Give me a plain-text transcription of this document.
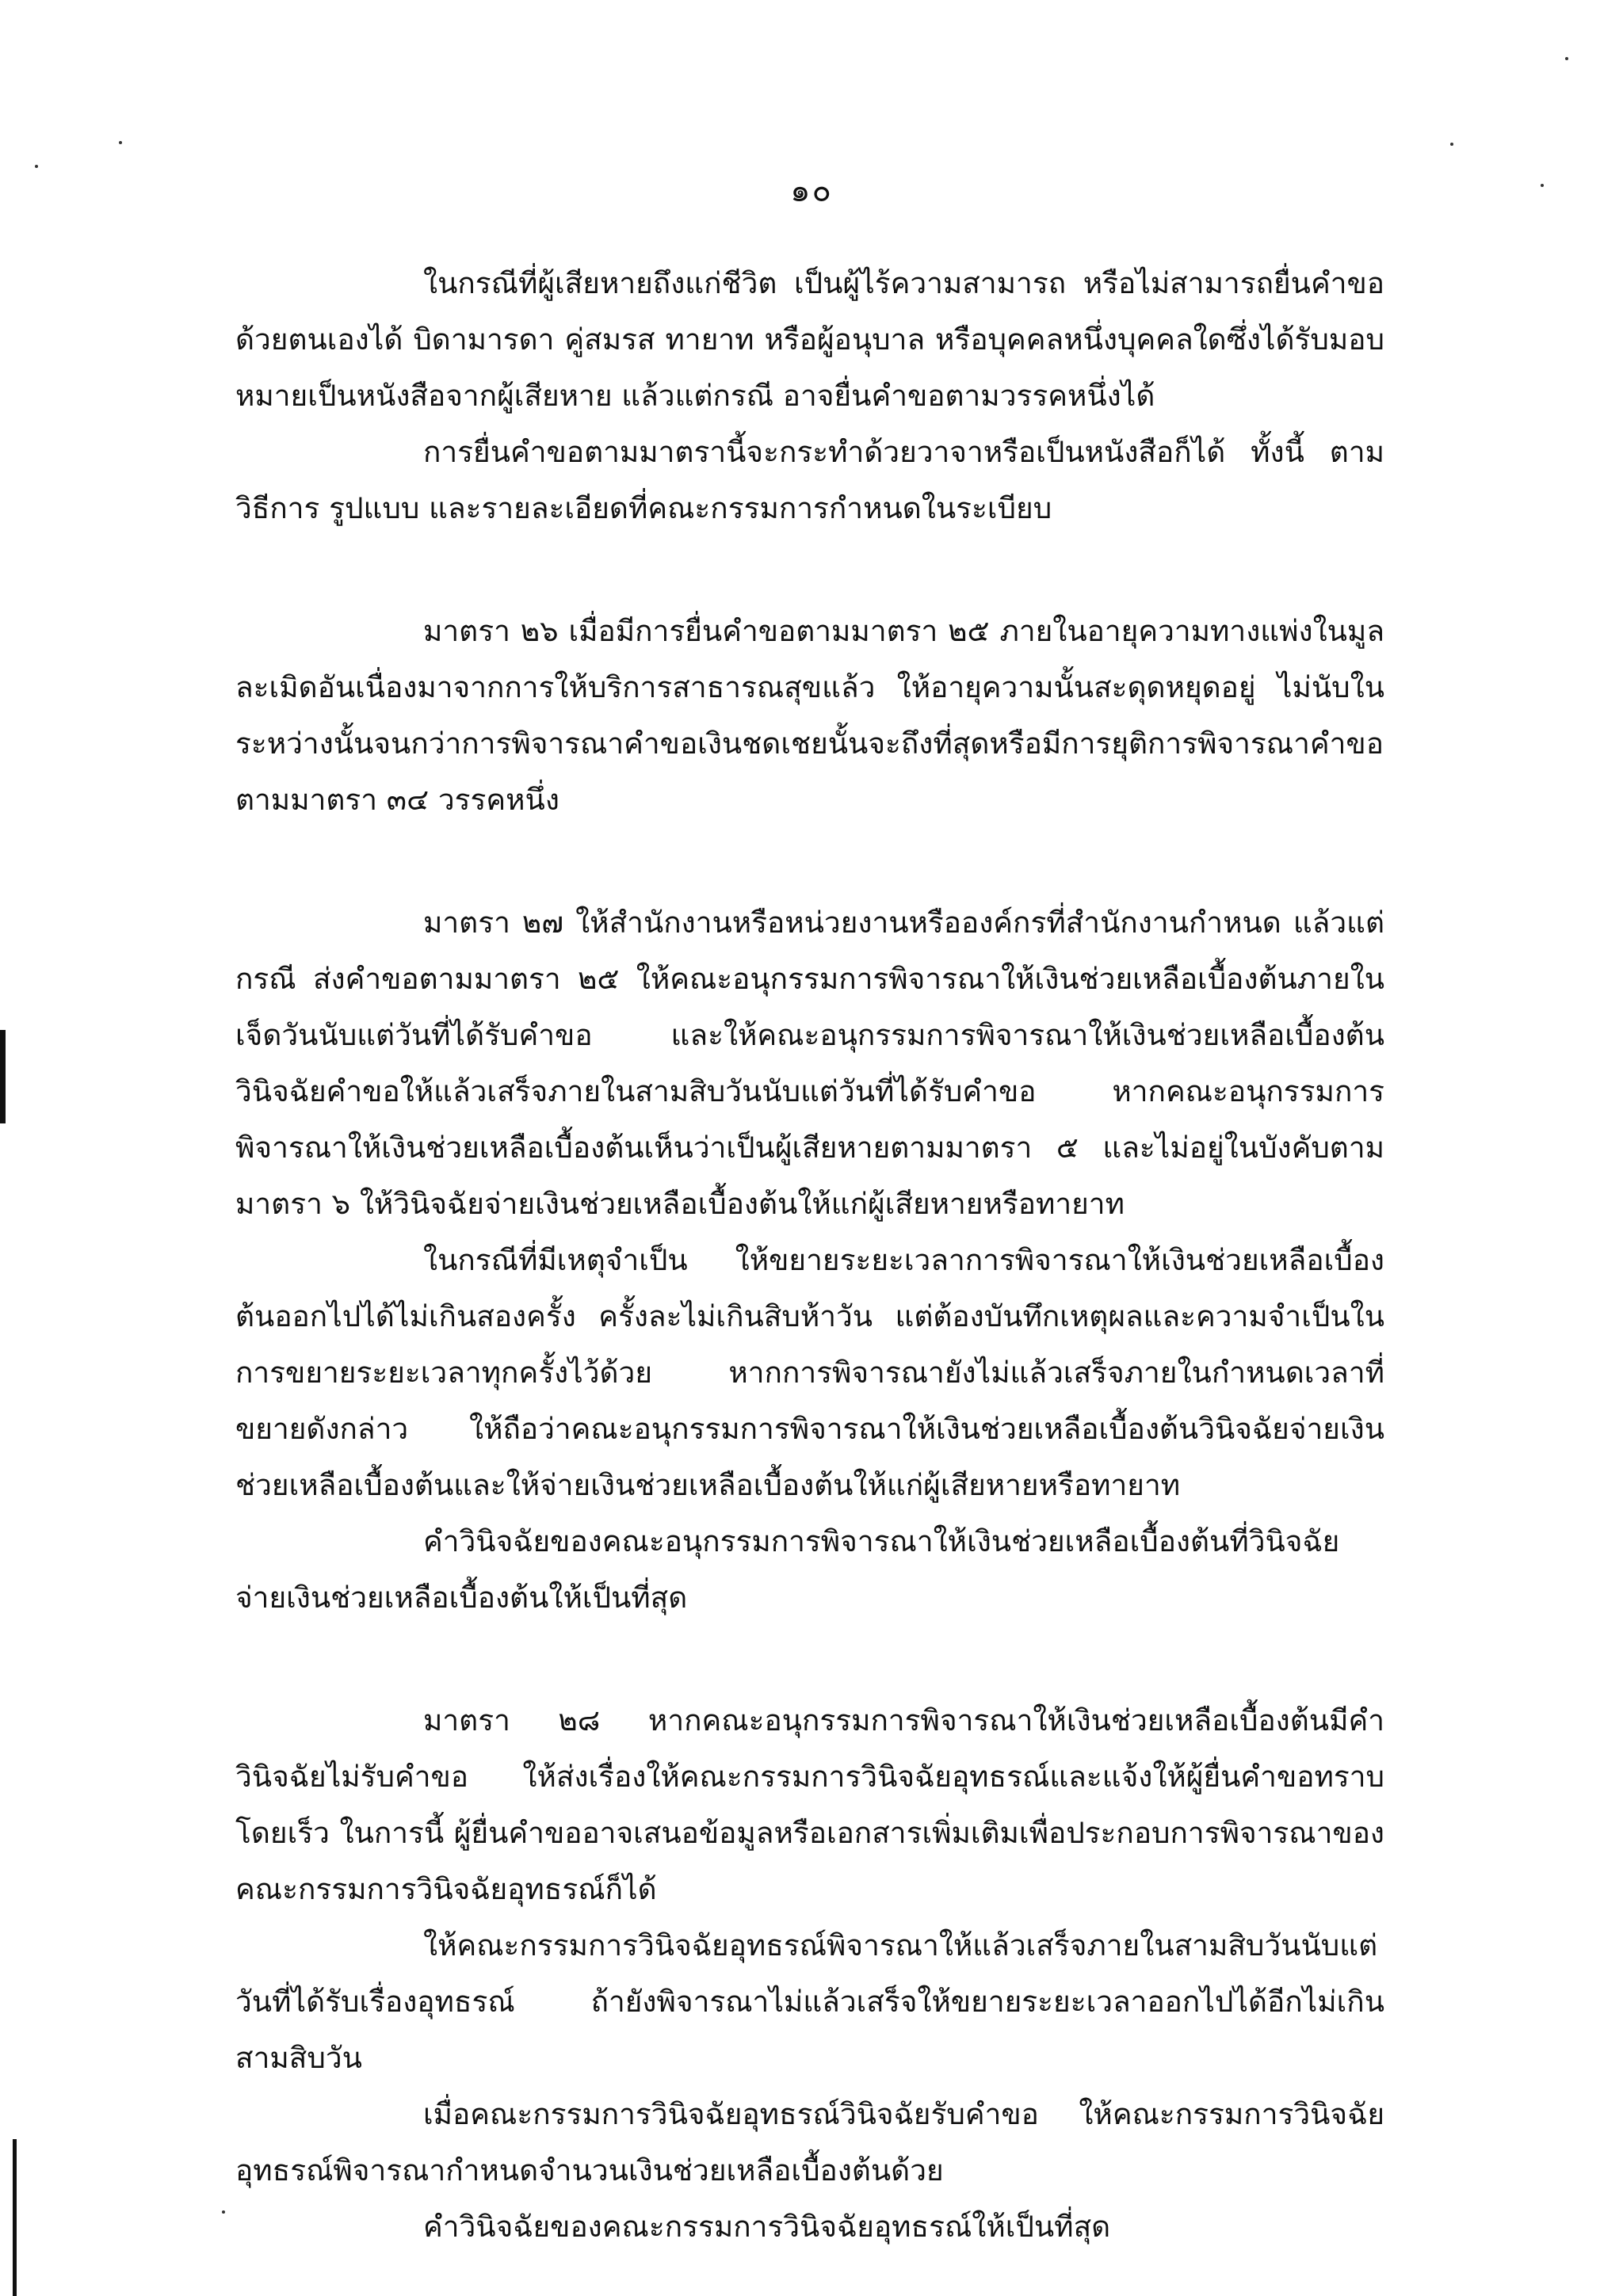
๑๐

ในกรณีที่ผู้เสียหายถึงแก่ชีวิต เป็นผู้ไร้ความสามารถ หรือไม่สามารถยื่นคำขอด้วยตนเองได้ บิดามารดา คู่สมรส ทายาท หรือผู้อนุบาล หรือบุคคลหนึ่งบุคคลใดซึ่งได้รับมอบหมายเป็นหนังสือจากผู้เสียหาย แล้วแต่กรณี อาจยื่นคำขอตามวรรคหนึ่งได้

การยื่นคำขอตามมาตรานี้จะกระทำด้วยวาจาหรือเป็นหนังสือก็ได้ ทั้งนี้ ตามวิธีการ รูปแบบ และรายละเอียดที่คณะกรรมการกำหนดในระเบียบ

มาตรา ๒๖ เมื่อมีการยื่นคำขอตามมาตรา ๒๕ ภายในอายุความทางแพ่งในมูลละเมิดอันเนื่องมาจากการให้บริการสาธารณสุขแล้ว ให้อายุความนั้นสะดุดหยุดอยู่ ไม่นับในระหว่างนั้นจนกว่าการพิจารณาคำขอเงินชดเชยนั้นจะถึงที่สุดหรือมีการยุติการพิจารณาคำขอตามมาตรา ๓๔ วรรคหนึ่ง

มาตรา ๒๗ ให้สำนักงานหรือหน่วยงานหรือองค์กรที่สำนักงานกำหนด แล้วแต่กรณี ส่งคำขอตามมาตรา ๒๕ ให้คณะอนุกรรมการพิจารณาให้เงินช่วยเหลือเบื้องต้นภายในเจ็ดวันนับแต่วันที่ได้รับคำขอ และให้คณะอนุกรรมการพิจารณาให้เงินช่วยเหลือเบื้องต้นวินิจฉัยคำขอให้แล้วเสร็จภายในสามสิบวันนับแต่วันที่ได้รับคำขอ หากคณะอนุกรรมการพิจารณาให้เงินช่วยเหลือเบื้องต้นเห็นว่าเป็นผู้เสียหายตามมาตรา ๕ และไม่อยู่ในบังคับตามมาตรา ๖ ให้วินิจฉัยจ่ายเงินช่วยเหลือเบื้องต้นให้แก่ผู้เสียหายหรือทายาท

ในกรณีที่มีเหตุจำเป็น ให้ขยายระยะเวลาการพิจารณาให้เงินช่วยเหลือเบื้องต้นออกไปได้ไม่เกินสองครั้ง ครั้งละไม่เกินสิบห้าวัน แต่ต้องบันทึกเหตุผลและความจำเป็นในการขยายระยะเวลาทุกครั้งไว้ด้วย หากการพิจารณายังไม่แล้วเสร็จภายในกำหนดเวลาที่ขยายดังกล่าว ให้ถือว่าคณะอนุกรรมการพิจารณาให้เงินช่วยเหลือเบื้องต้นวินิจฉัยจ่ายเงินช่วยเหลือเบื้องต้นและให้จ่ายเงินช่วยเหลือเบื้องต้นให้แก่ผู้เสียหายหรือทายาท

คำวินิจฉัยของคณะอนุกรรมการพิจารณาให้เงินช่วยเหลือเบื้องต้นที่วินิจฉัยจ่ายเงินช่วยเหลือเบื้องต้นให้เป็นที่สุด

มาตรา ๒๘ หากคณะอนุกรรมการพิจารณาให้เงินช่วยเหลือเบื้องต้นมีคำวินิจฉัยไม่รับคำขอ ให้ส่งเรื่องให้คณะกรรมการวินิจฉัยอุทธรณ์และแจ้งให้ผู้ยื่นคำขอทราบโดยเร็ว ในการนี้ ผู้ยื่นคำขออาจเสนอข้อมูลหรือเอกสารเพิ่มเติมเพื่อประกอบการพิจารณาของคณะกรรมการวินิจฉัยอุทธรณ์ก็ได้

ให้คณะกรรมการวินิจฉัยอุทธรณ์พิจารณาให้แล้วเสร็จภายในสามสิบวันนับแต่วันที่ได้รับเรื่องอุทธรณ์ ถ้ายังพิจารณาไม่แล้วเสร็จให้ขยายระยะเวลาออกไปได้อีกไม่เกินสามสิบวัน

เมื่อคณะกรรมการวินิจฉัยอุทธรณ์วินิจฉัยรับคำขอ ให้คณะกรรมการวินิจฉัยอุทธรณ์พิจารณากำหนดจำนวนเงินช่วยเหลือเบื้องต้นด้วย

คำวินิจฉัยของคณะกรรมการวินิจฉัยอุทธรณ์ให้เป็นที่สุด
